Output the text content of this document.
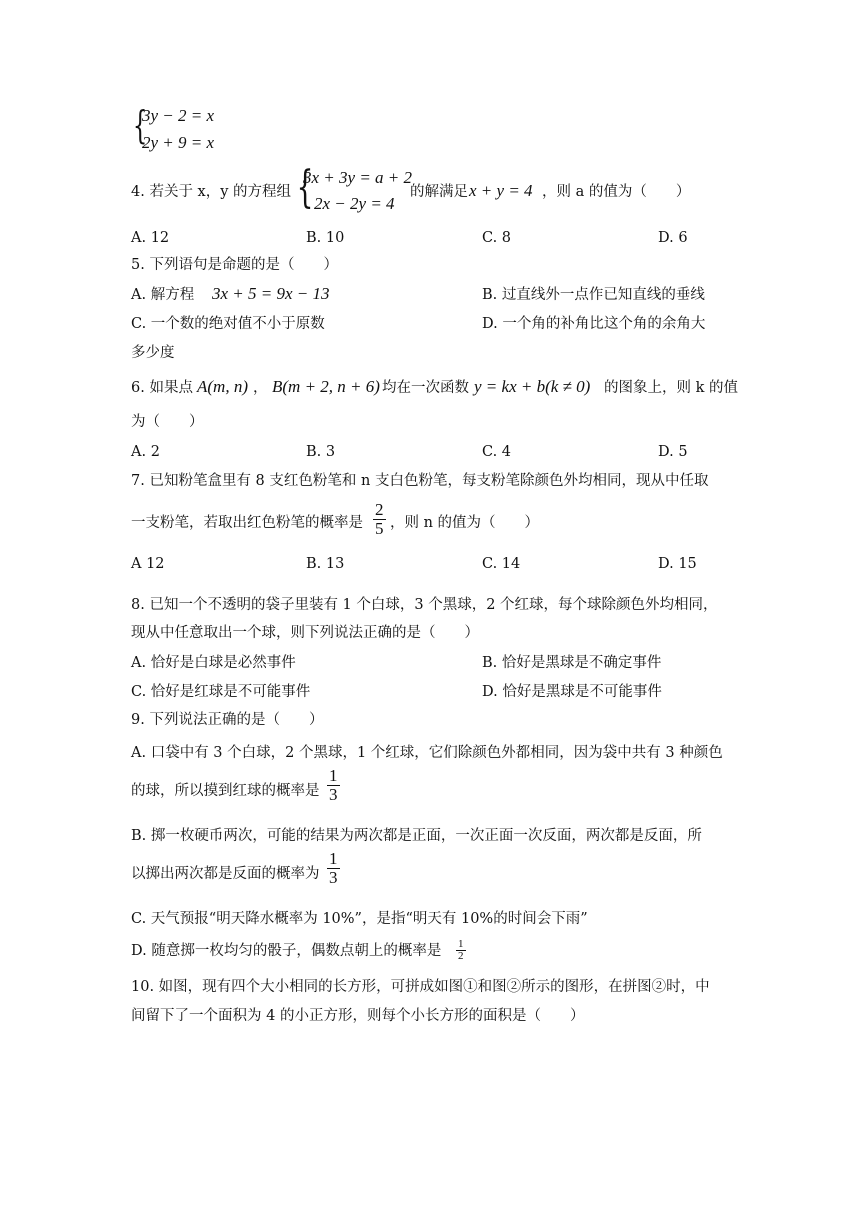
{
3y − 2 = x
2y + 9 = x
4. 若关于 x，y 的方程组 {
3x + 3y = a + 2
2x − 2y = 4
的解满足 x + y = 4 ，则 a 的值为（　　）
A. 12	B. 10	C. 8	D. 6
5. 下列语句是命题的是（　　）
A. 解方程 3x + 5 = 9x − 13	B. 过直线外一点作已知直线的垂线
C. 一个数的绝对值不小于原数	D. 一个角的补角比这个角的余角大
多少度
6. 如果点 A(m, n) ， B(m + 2, n + 6) 均在一次函数 y = kx + b(k ≠ 0) 的图象上，则 k 的值
为（　　）
A. 2	B. 3	C. 4	D. 5
7. 已知粉笔盒里有 8 支红色粉笔和 n 支白色粉笔，每支粉笔除颜色外均相同，现从中任取
一支粉笔，若取出红色粉笔的概率是 $\frac{2}{5}$ ，则 n 的值为（　　）
A 12	B. 13	C. 14	D. 15
8. 已知一个不透明的袋子里装有 1 个白球，3 个黑球，2 个红球，每个球除颜色外均相同，
现从中任意取出一个球，则下列说法正确的是（　　）
A. 恰好是白球是必然事件	B. 恰好是黑球是不确定事件
C. 恰好是红球是不可能事件	D. 恰好是黑球是不可能事件
9. 下列说法正确的是（　　）
A. 口袋中有 3 个白球，2 个黑球，1 个红球，它们除颜色外都相同，因为袋中共有 3 种颜色
的球，所以摸到红球的概率是 $\frac{1}{3}$
B. 掷一枚硬币两次，可能的结果为两次都是正面，一次正面一次反面，两次都是反面，所
以掷出两次都是反面的概率为 $\frac{1}{3}$
C. 天气预报“明天降水概率为 10%”，是指“明天有 10%的时间会下雨”
D. 随意掷一枚均匀的骰子，偶数点朝上的概率是 $\frac{1}{2}$
10. 如图，现有四个大小相同的长方形，可拼成如图①和图②所示的图形，在拼图②时，中
间留下了一个面积为 4 的小正方形，则每个小长方形的面积是（　　）
